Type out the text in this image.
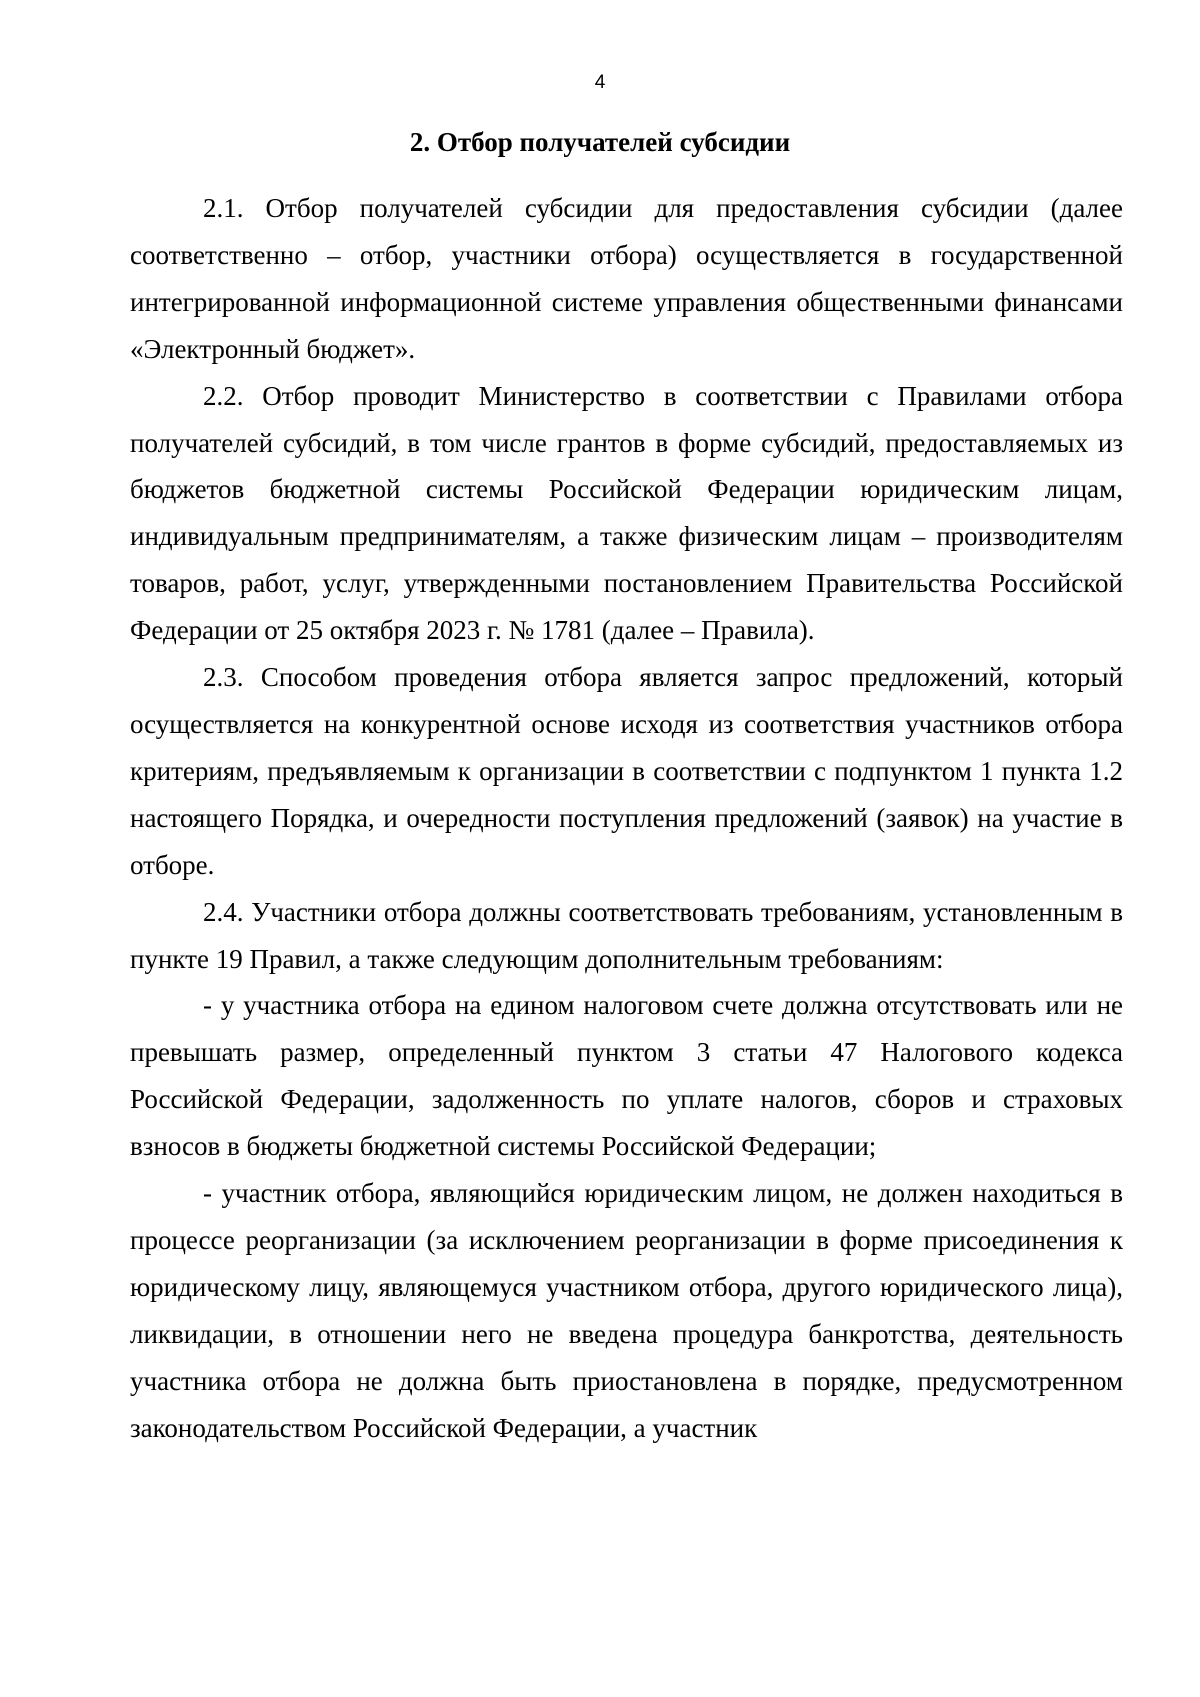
4
2. Отбор получателей субсидии

2.1. Отбор получателей субсидии для предоставления субсидии (далее соответственно – отбор, участники отбора) осуществляется в государственной интегрированной информационной системе управления общественными финансами «Электронный бюджет».

2.2. Отбор проводит Министерство в соответствии с Правилами отбора получателей субсидий, в том числе грантов в форме субсидий, предоставляемых из бюджетов бюджетной системы Российской Федерации юридическим лицам, индивидуальным предпринимателям, а также физическим лицам – производителям товаров, работ, услуг, утвержденными постановлением Правительства Российской Федерации от 25 октября 2023 г. № 1781 (далее – Правила).

2.3. Способом проведения отбора является запрос предложений, который осуществляется на конкурентной основе исходя из соответствия участников отбора критериям, предъявляемым к организации в соответствии с подпунктом 1 пункта 1.2 настоящего Порядка, и очередности поступления предложений (заявок) на участие в отборе.

2.4. Участники отбора должны соответствовать требованиям, установленным в пункте 19 Правил, а также следующим дополнительным требованиям:

- у участника отбора на едином налоговом счете должна отсутствовать или не превышать размер, определенный пунктом 3 статьи 47 Налогового кодекса Российской Федерации, задолженность по уплате налогов, сборов и страховых взносов в бюджеты бюджетной системы Российской Федерации;

- участник отбора, являющийся юридическим лицом, не должен находиться в процессе реорганизации (за исключением реорганизации в форме присоединения к юридическому лицу, являющемуся участником отбора, другого юридического лица), ликвидации, в отношении него не введена процедура банкротства, деятельность участника отбора не должна быть приостановлена в порядке, предусмотренном законодательством Российской Федерации, а участник
